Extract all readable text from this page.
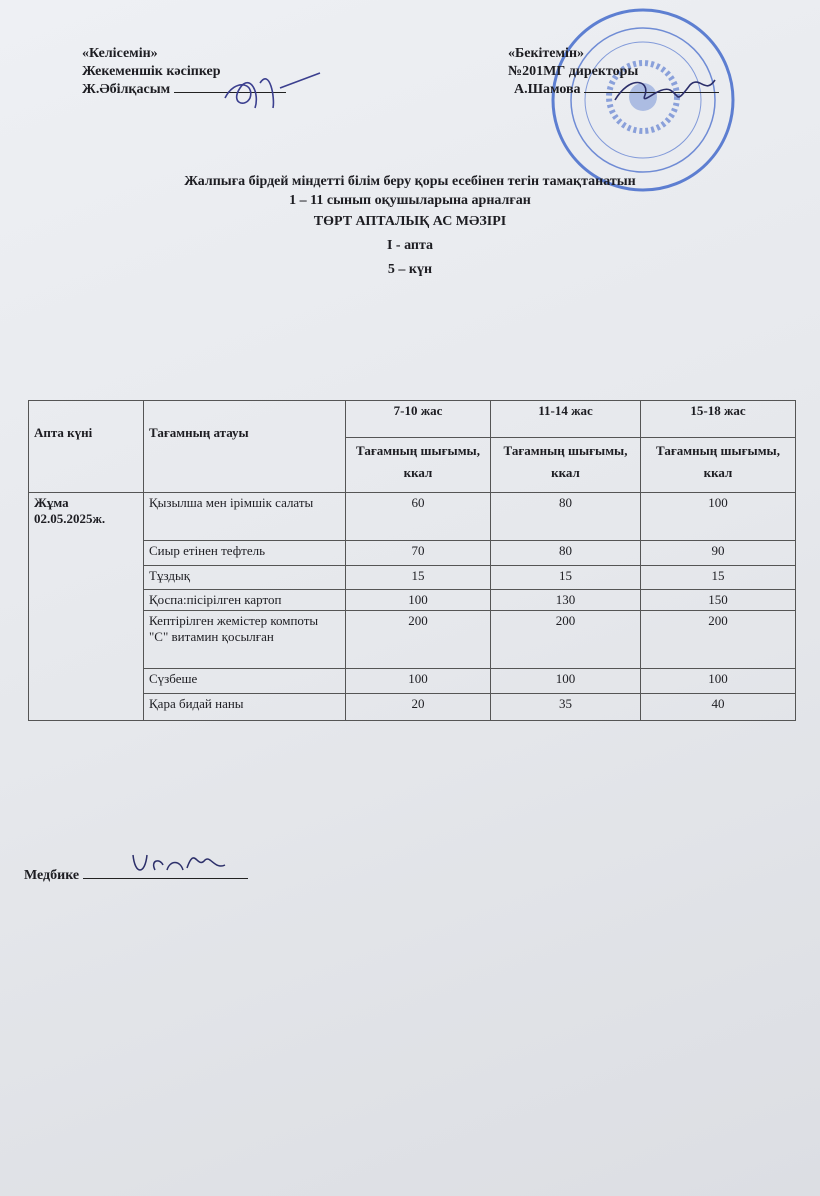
«Келісемін»
Жекеменшік кәсіпкер
Ж.Әбілқасым
«Бекітемін»
№201МГ директоры
А.Шамова
Жалпыға бірдей міндетті білім беру қоры есебінен тегін тамақтанатын
1 – 11 сынып оқушыларына арналған
ТӨРТ АПТАЛЫҚ АС МӘЗІРІ
І - апта
5 – күн
Апта күні	Тағамның атауы	7-10 жас	11-14 жас	15-18 жас
		Тағамның шығымы, ккал	Тағамның шығымы, ккал	Тағамның шығымы, ккал
Жұма 02.05.2025ж.	Қызылша мен ірімшік салаты	60	80	100
	Сиыр етінен тефтель	70	80	90
	Тұздық	15	15	15
	Қоспа:пісірілген картоп	100	130	150
	Кептірілген жемістер компоты "С" витамин қосылған	200	200	200
	Сүзбеше	100	100	100
	Қара бидай наны	20	35	40
Медбике
